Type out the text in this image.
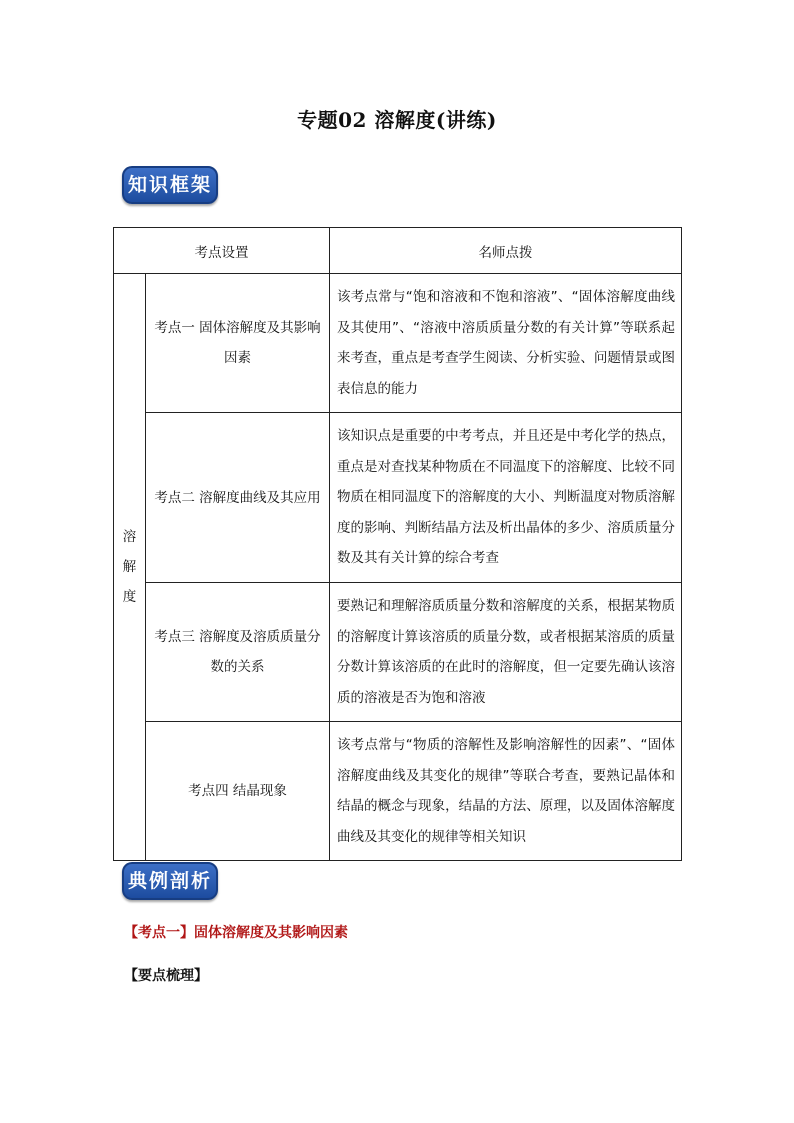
专题02 溶解度(讲练)
知识框架
考点设置		名师点拨

溶
解
度	考点一 固体溶解度及其影响因素	该考点常与“饱和溶液和不饱和溶液”、“固体溶解度曲线及其使用”、“溶液中溶质质量分数的有关计算”等联系起来考查，重点是考查学生阅读、分析实验、问题情景或图表信息的能力
	考点二 溶解度曲线及其应用	该知识点是重要的中考考点，并且还是中考化学的热点，重点是对查找某种物质在不同温度下的溶解度、比较不同物质在相同温度下的溶解度的大小、判断温度对物质溶解度的影响、判断结晶方法及析出晶体的多少、溶质质量分数及其有关计算的综合考查
	考点三 溶解度及溶质质量分数的关系	要熟记和理解溶质质量分数和溶解度的关系，根据某物质的溶解度计算该溶质的质量分数，或者根据某溶质的质量分数计算该溶质的在此时的溶解度，但一定要先确认该溶质的溶液是否为饱和溶液
	考点四 结晶现象	该考点常与“物质的溶解性及影响溶解性的因素”、“固体溶解度曲线及其变化的规律”等联合考查，要熟记晶体和结晶的概念与现象，结晶的方法、原理，以及固体溶解度曲线及其变化的规律等相关知识
典例剖析
【考点一】固体溶解度及其影响因素
【要点梳理】
